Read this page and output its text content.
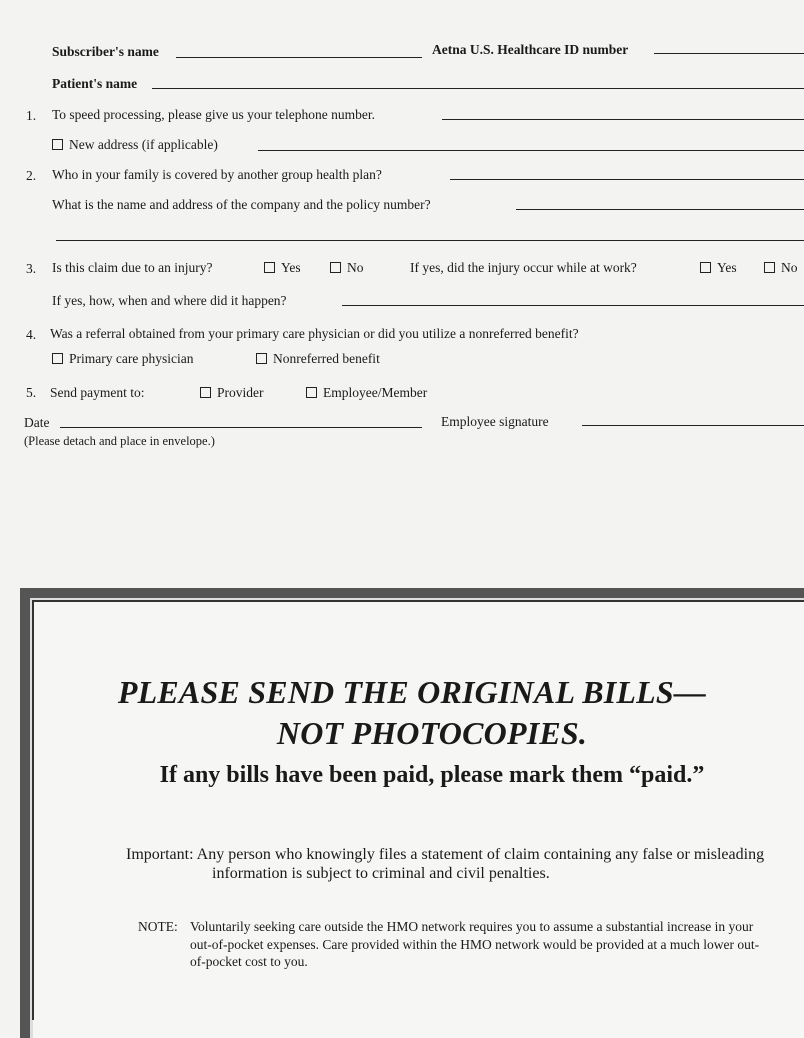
Subscriber's name	Aetna U.S. Healthcare ID number
Patient's name
1. To speed processing, please give us your telephone number.
New address (if applicable)
2. Who in your family is covered by another group health plan?
What is the name and address of the company and the policy number?
3. Is this claim due to an injury?	Yes	No	If yes, did the injury occur while at work?	Yes	No
If yes, how, when and where did it happen?
4. Was a referral obtained from your primary care physician or did you utilize a nonreferred benefit?
Primary care physician	Nonreferred benefit
5. Send payment to:	Provider	Employee/Member
Date	Employee signature
(Please detach and place in envelope.)
PLEASE SEND THE ORIGINAL BILLS—
NOT PHOTOCOPIES.
If any bills have been paid, please mark them “paid.”
Important: Any person who knowingly files a statement of claim containing any false or misleading information is subject to criminal and civil penalties.
NOTE: Voluntarily seeking care outside the HMO network requires you to assume a substantial increase in your out-of-pocket expenses. Care provided within the HMO network would be provided at a much lower out-of-pocket cost to you.
